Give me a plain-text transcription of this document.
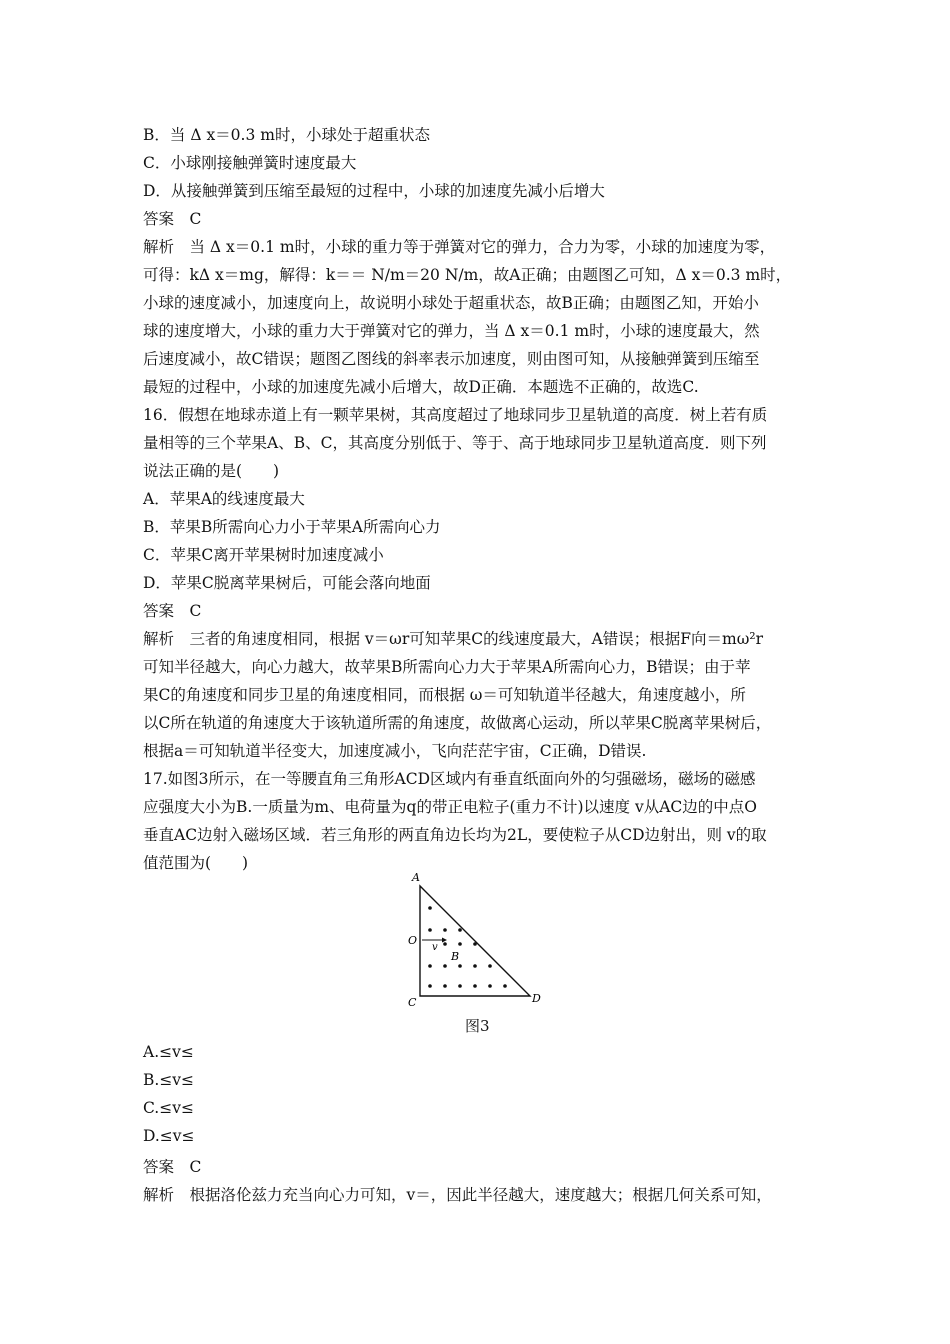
B．当 Δ x＝0.3 m时，小球处于超重状态
C．小球刚接触弹簧时速度最大
D．从接触弹簧到压缩至最短的过程中，小球的加速度先减小后增大
答案　C
解析　当 Δ x＝0.1 m时，小球的重力等于弹簧对它的弹力，合力为零，小球的加速度为零，
可得：kΔ x＝mg，解得：k＝＝ N/m＝20 N/m，故A正确；由题图乙可知，Δ x＝0.3 m时，
小球的速度减小，加速度向上，故说明小球处于超重状态，故B正确；由题图乙知，开始小
球的速度增大，小球的重力大于弹簧对它的弹力，当 Δ x＝0.1 m时，小球的速度最大，然
后速度减小，故C错误；题图乙图线的斜率表示加速度，则由图可知，从接触弹簧到压缩至
最短的过程中，小球的加速度先减小后增大，故D正确．本题选不正确的，故选C.
16．假想在地球赤道上有一颗苹果树，其高度超过了地球同步卫星轨道的高度．树上若有质
量相等的三个苹果A、B、C，其高度分别低于、等于、高于地球同步卫星轨道高度．则下列
说法正确的是(　　)
A．苹果A的线速度最大
B．苹果B所需向心力小于苹果A所需向心力
C．苹果C离开苹果树时加速度减小
D．苹果C脱离苹果树后，可能会落向地面
答案　C
解析　三者的角速度相同，根据 v＝ωr可知苹果C的线速度最大，A错误；根据F向＝mω²r
可知半径越大，向心力越大，故苹果B所需向心力大于苹果A所需向心力，B错误；由于苹
果C的角速度和同步卫星的角速度相同，而根据 ω＝可知轨道半径越大，角速度越小，所
以C所在轨道的角速度大于该轨道所需的角速度，故做离心运动，所以苹果C脱离苹果树后，
根据a＝可知轨道半径变大，加速度减小，飞向茫茫宇宙，C正确，D错误.
17.如图3所示，在一等腰直角三角形ACD区域内有垂直纸面向外的匀强磁场，磁场的磁感
应强度大小为B.一质量为m、电荷量为q的带正电粒子(重力不计)以速度 v从AC边的中点O
垂直AC边射入磁场区域．若三角形的两直角边长均为2L，要使粒子从CD边射出，则 v的取
值范围为(　　)
v
A
O
C	D
B
图3
A.≤v≤
B.≤v≤
C.≤v≤
D.≤v≤
答案　C
解析　根据洛伦兹力充当向心力可知，v＝，因此半径越大，速度越大；根据几何关系可知，
